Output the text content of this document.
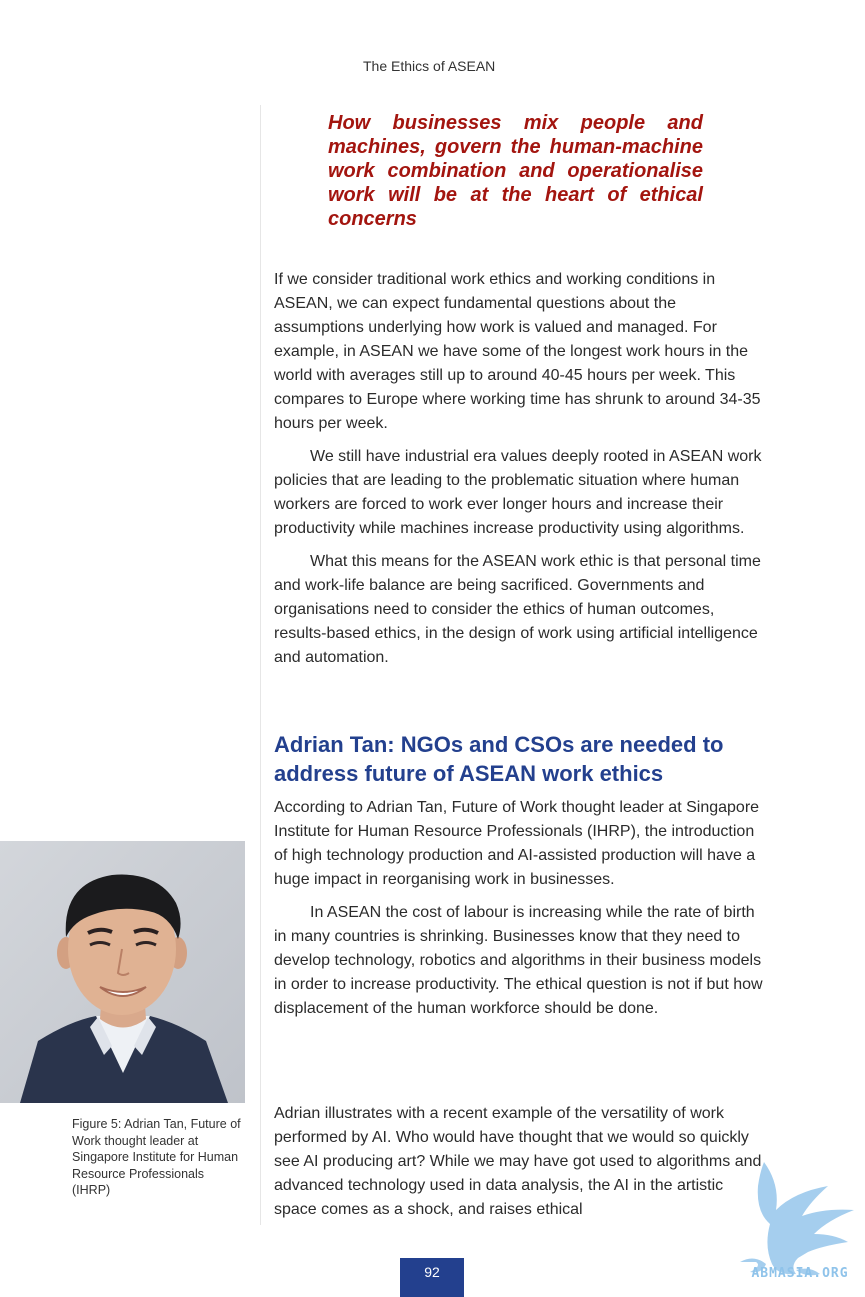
The Ethics of ASEAN

How businesses mix people and machines, govern the human-machine work combination and operationalise work will be at the heart of ethical concerns

If we consider traditional work ethics and working conditions in ASEAN, we can expect fundamental questions about the assumptions underlying how work is valued and managed. For example, in ASEAN we have some of the longest work hours in the world with averages still up to around 40-45 hours per week. This compares to Europe where working time has shrunk to around 34-35 hours per week.

We still have industrial era values deeply rooted in ASEAN work policies that are leading to the problematic situation where human workers are forced to work ever longer hours and increase their productivity while machines increase productivity using algorithms.

What this means for the ASEAN work ethic is that personal time and work-life balance are being sacrificed. Governments and organisations need to consider the ethics of human outcomes, results-based ethics, in the design of work using artificial intelligence and automation.

Adrian Tan: NGOs and CSOs are needed to address future of ASEAN work ethics

According to Adrian Tan, Future of Work thought leader at Singapore Institute for Human Resource Professionals (IHRP), the introduction of high technology production and AI-assisted production will have a huge impact in reorganising work in businesses.

In ASEAN the cost of labour is increasing while the rate of birth in many countries is shrinking. Businesses know that they need to develop technology, robotics and algorithms in their business models in order to increase productivity. The ethical question is not if but how displacement of the human workforce should be done.

Figure 5: Adrian Tan, Future of Work thought leader at Singapore Institute for Human Resource Professionals (IHRP)

Adrian illustrates with a recent example of the versatility of work performed by AI. Who would have thought that we would so quickly see AI producing art? While we may have got used to algorithms and advanced technology used in data analysis, the AI in the artistic space comes as a shock, and raises ethical

92	ABMASIA.ORG
